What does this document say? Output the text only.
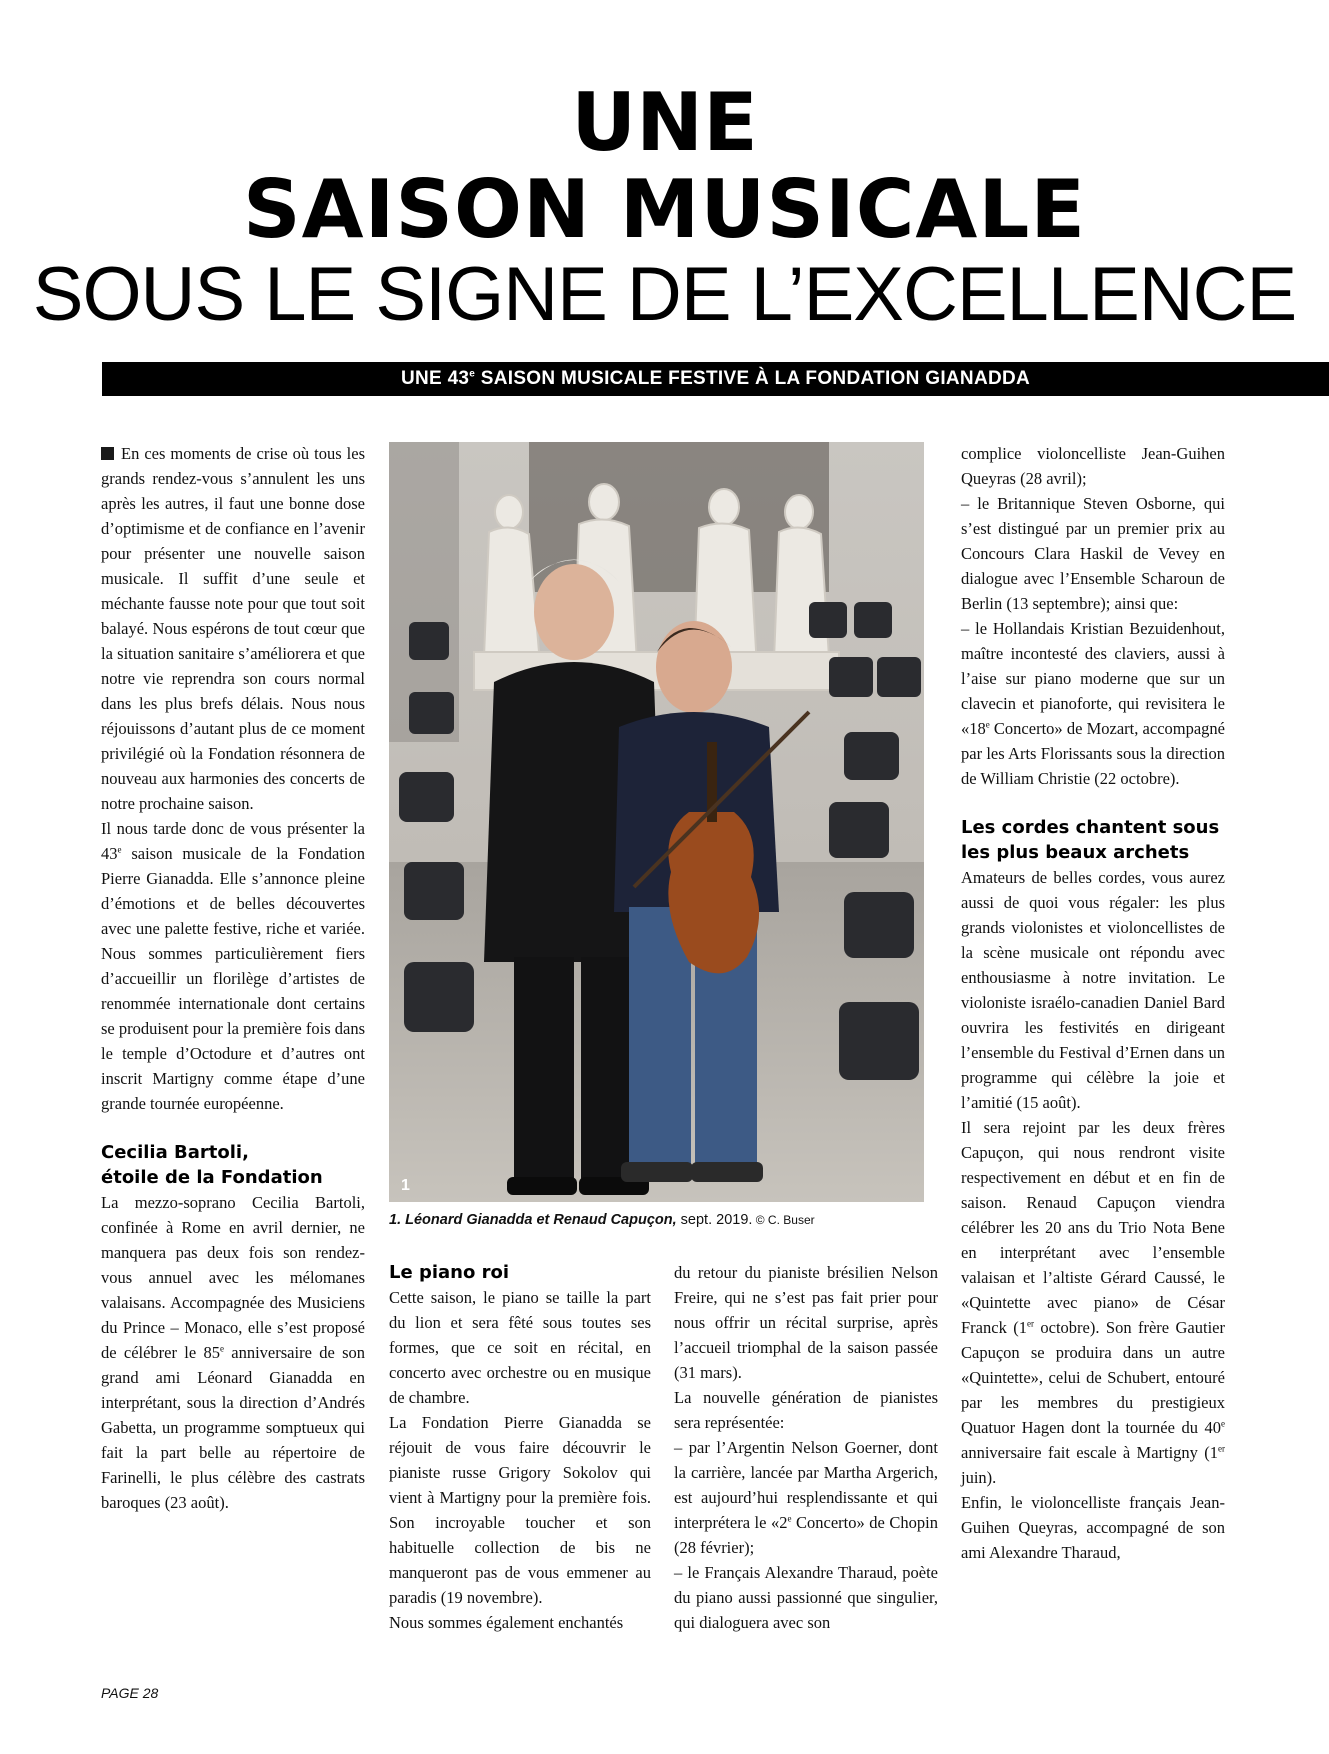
UNE
SAISON MUSICALE
SOUS LE SIGNE DE L’EXCELLENCE
UNE 43e SAISON MUSICALE FESTIVE À LA FONDATION GIANADDA

En ces moments de crise où tous les grands rendez-vous s’annulent les uns après les autres, il faut une bonne dose d’optimisme et de confiance en l’avenir pour présenter une nouvelle saison musicale. Il suffit d’une seule et méchante fausse note pour que tout soit balayé. Nous espérons de tout cœur que la situation sanitaire s’améliorera et que notre vie reprendra son cours normal dans les plus brefs délais. Nous nous réjouissons d’autant plus de ce moment privilégié où la Fondation résonnera de nouveau aux harmonies des concerts de notre prochaine saison.

Il nous tarde donc de vous présenter la 43e saison musicale de la Fondation Pierre Gianadda. Elle s’annonce pleine d’émotions et de belles découvertes avec une palette festive, riche et variée. Nous sommes particulièrement fiers d’accueillir un florilège d’artistes de renommée internationale dont certains se produisent pour la première fois dans le temple d’Octodure et d’autres ont inscrit Martigny comme étape d’une grande tournée européenne.

Cecilia Bartoli,

étoile de la Fondation

La mezzo-soprano Cecilia Bartoli, confinée à Rome en avril dernier, ne manquera pas deux fois son rendez-vous annuel avec les mélomanes valaisans. Accompagnée des Musiciens du Prince – Monaco, elle s’est proposé de célébrer le 85e anniversaire de son grand ami Léonard Gianadda en interprétant, sous la direction d’Andrés Gabetta, un programme somptueux qui fait la part belle au répertoire de Farinelli, le plus célèbre des castrats baroques (23 août).

1
1. Léonard Gianadda et Renaud Capuçon, sept. 2019. © C. Buser

Le piano roi

Cette saison, le piano se taille la part du lion et sera fêté sous toutes ses formes, que ce soit en récital, en concerto avec orchestre ou en musique de chambre.

La Fondation Pierre Gianadda se réjouit de vous faire découvrir le pianiste russe Grigory Sokolov qui vient à Martigny pour la première fois. Son incroyable toucher et son habituelle collection de bis ne manqueront pas de vous emmener au paradis (19 novembre).

Nous sommes également enchantés

du retour du pianiste brésilien Nelson Freire, qui ne s’est pas fait prier pour nous offrir un récital surprise, après l’accueil triomphal de la saison passée (31 mars).

La nouvelle génération de pianistes sera représentée:

– par l’Argentin Nelson Goerner, dont la carrière, lancée par Martha Argerich, est aujourd’hui resplendissante et qui interprétera le «2e Concerto» de Chopin (28 février);

– le Français Alexandre Tharaud, poète du piano aussi passionné que singulier, qui dialoguera avec son

complice violoncelliste Jean-Guihen Queyras (28 avril);

– le Britannique Steven Osborne, qui s’est distingué par un premier prix au Concours Clara Haskil de Vevey en dialogue avec l’Ensemble Scharoun de Berlin (13 septembre); ainsi que:

– le Hollandais Kristian Bezuidenhout, maître incontesté des claviers, aussi à l’aise sur piano moderne que sur un clavecin et pianoforte, qui revisitera le «18e Concerto» de Mozart, accompagné par les Arts Florissants sous la direction de William Christie (22 octobre).

Les cordes chantent sous

les plus beaux archets

Amateurs de belles cordes, vous aurez aussi de quoi vous régaler: les plus grands violonistes et violoncellistes de la scène musicale ont répondu avec enthousiasme à notre invitation. Le violoniste israélo-canadien Daniel Bard ouvrira les festivités en dirigeant l’ensemble du Festival d’Ernen dans un programme qui célèbre la joie et l’amitié (15 août).

Il sera rejoint par les deux frères Capuçon, qui nous rendront visite respectivement en début et en fin de saison. Renaud Capuçon viendra célébrer les 20 ans du Trio Nota Bene en interprétant avec l’ensemble valaisan et l’altiste Gérard Caussé, le «Quintette avec piano» de César Franck (1er octobre). Son frère Gautier Capuçon se produira dans un autre «Quintette», celui de Schubert, entouré par les membres du prestigieux Quatuor Hagen dont la tournée du 40e anniversaire fait escale à Martigny (1er juin).

Enfin, le violoncelliste français Jean-Guihen Queyras, accompagné de son ami Alexandre Tharaud,

PAGE 28
